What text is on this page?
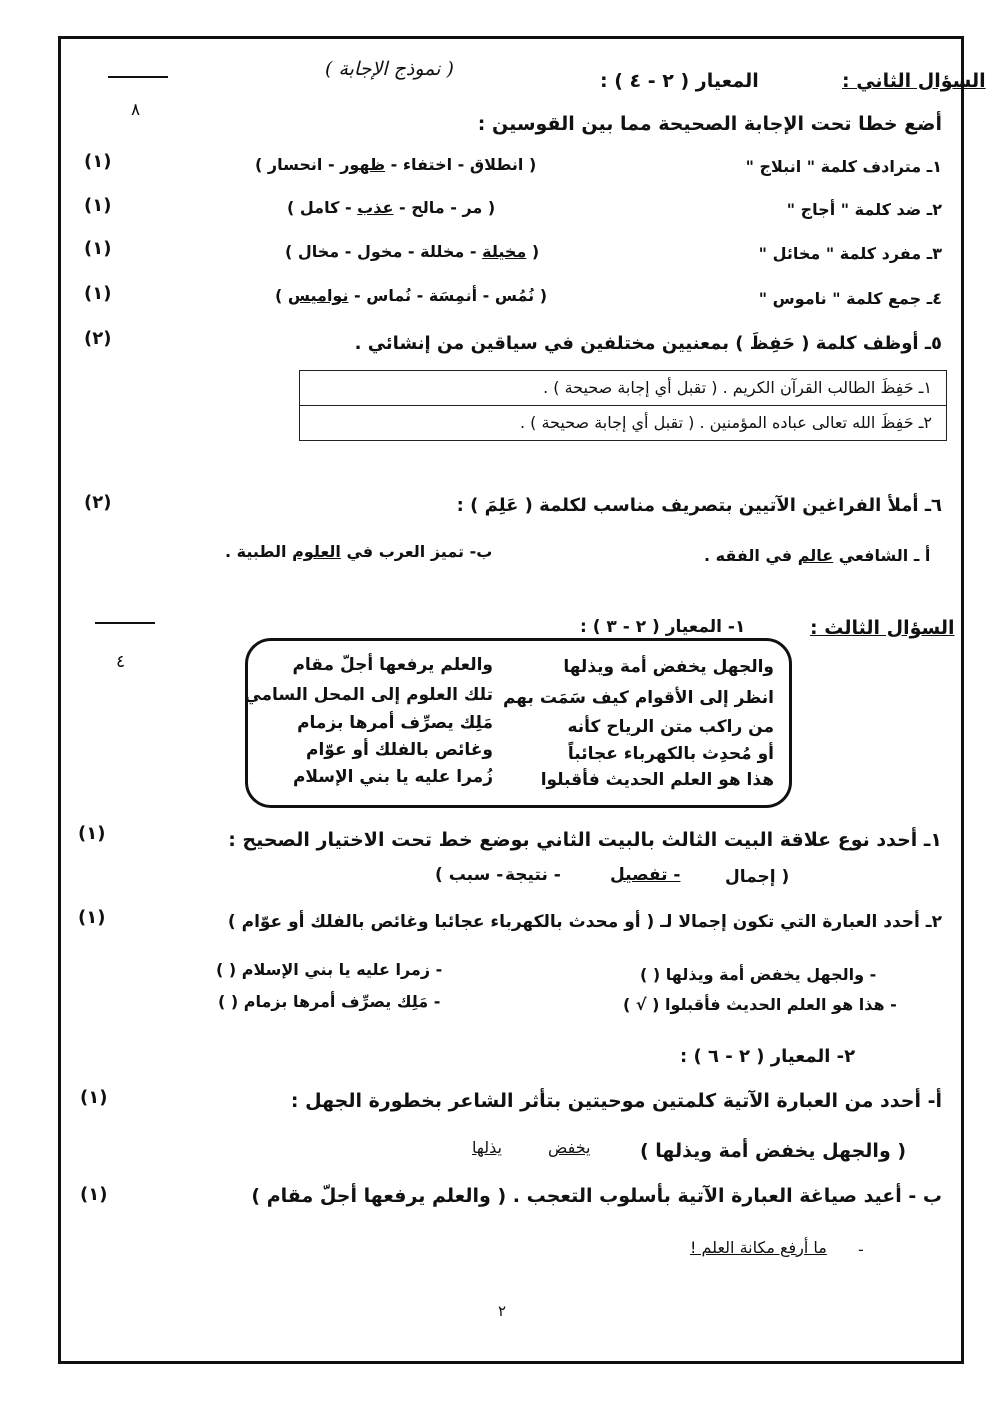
السؤال الثاني :
المعيار ( ٢ - ٤ ) :
( نموذج الإجابة )
٨
أضع خطا تحت الإجابة الصحيحة مما بين القوسين :
١ـ مترادف كلمة " انبلاج "
( انطلاق - اختفاء - ظهور - انحسار )
(١)
٢ـ ضد كلمة " أجاج "
( مر - مالح - عذب - كامل )
(١)
٣ـ مفرد كلمة " مخائل "
( مخيلة - مخللة - مخول - مخال )
(١)
٤ـ جمع كلمة " ناموس "
( نُمُس - أنمِسَة - نُماس - نواميس )
(١)
٥ـ أوظف كلمة ( حَفِظَ ) بمعنيين مختلفين في سياقين من إنشائي .
(٢)
١ـ حَفِظَ الطالب القرآن الكريم . ( تقبل أي إجابة صحيحة ) .
٢ـ حَفِظَ الله تعالى عباده المؤمنين . ( تقبل أي إجابة صحيحة ) .
٦ـ أملأ الفراغين الآتيين بتصريف مناسب لكلمة ( عَلِمَ ) :
(٢)
أ ـ الشافعي عالم في الفقه .
ب- تميز العرب في العلوم الطبية .
السؤال الثالث :
١- المعيار ( ٢ - ٣ ) :
٤	والجهل يخفض أمة ويذلها
والعلم يرفعها أجلّ مقام
انظر إلى الأقوام كيف سَمَت بهم
تلك العلوم إلى المحل السامي
من راكب متن الرياح كأنه
مَلِك يصرِّف أمرها بزمام
أو مُحدِث بالكهرباء عجائباً
وغائص بالفلك أو عوّام
هذا هو العلم الحديث فأقبلوا
زُمرا عليه يا بني الإسلام
١ـ أحدد نوع علاقة البيت الثالث بالبيت الثاني بوضع خط تحت الاختيار الصحيح :
(١)
( إجمال
- تفصيل
- نتيجة
- سبب )
٢ـ أحدد العبارة التي تكون إجمالا لـ ( أو محدث بالكهرباء عجائبا وغائص بالفلك أو عوّام )
(١)
- والجهل يخفض أمة ويذلها ( )
- زمرا عليه يا بني الإسلام ( )
- هذا هو العلم الحديث فأقبلوا ( √ )
- مَلِك يصرِّف أمرها بزمام ( )
٢- المعيار ( ٢ - ٦ ) :
أ- أحدد من العبارة الآتية كلمتين موحيتين بتأثر الشاعر بخطورة الجهل :
(١)
( والجهل يخفض أمة ويذلها )
يخفض
يذلها
ب - أعيد صياغة العبارة الآتية بأسلوب التعجب . ( والعلم يرفعها أجلّ مقام )
(١)
-
ما أرفع مكانة العلم !
٢
